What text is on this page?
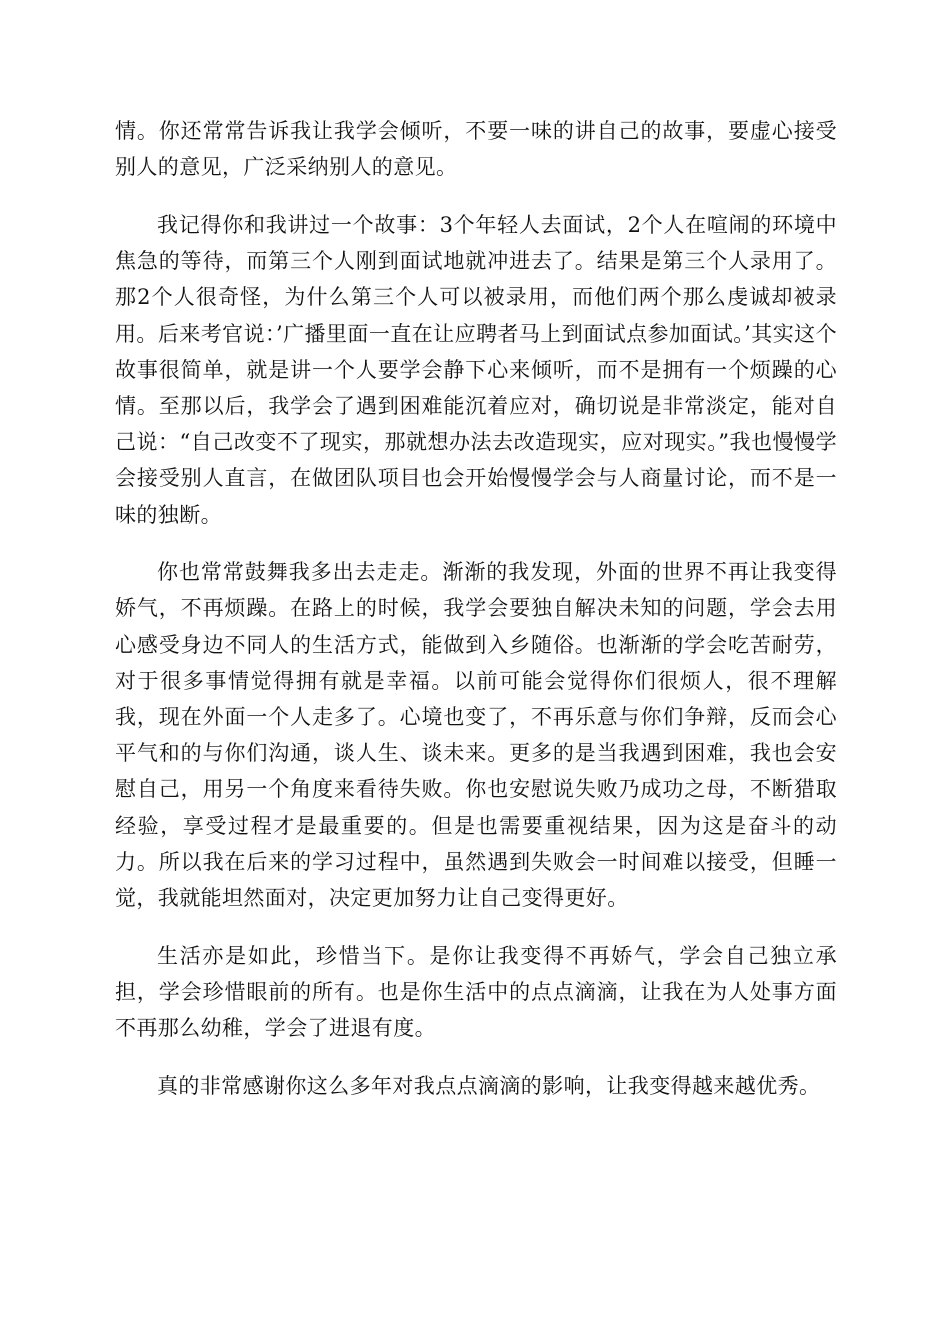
情。你还常常告诉我让我学会倾听，不要一味的讲自己的故事，要虚心接受别人的意见，广泛采纳别人的意见。

我记得你和我讲过一个故事：3个年轻人去面试，2个人在喧闹的环境中焦急的等待，而第三个人刚到面试地就冲进去了。结果是第三个人录用了。那2个人很奇怪，为什么第三个人可以被录用，而他们两个那么虔诚却被录用。后来考官说：’广播里面一直在让应聘者马上到面试点参加面试。’其实这个故事很简单，就是讲一个人要学会静下心来倾听，而不是拥有一个烦躁的心情。至那以后，我学会了遇到困难能沉着应对，确切说是非常淡定，能对自己说：“自己改变不了现实，那就想办法去改造现实，应对现实。”我也慢慢学会接受别人直言，在做团队项目也会开始慢慢学会与人商量讨论，而不是一味的独断。

你也常常鼓舞我多出去走走。渐渐的我发现，外面的世界不再让我变得娇气，不再烦躁。在路上的时候，我学会要独自解决未知的问题，学会去用心感受身边不同人的生活方式，能做到入乡随俗。也渐渐的学会吃苦耐劳，对于很多事情觉得拥有就是幸福。以前可能会觉得你们很烦人，很不理解我，现在外面一个人走多了。心境也变了，不再乐意与你们争辩，反而会心平气和的与你们沟通，谈人生、谈未来。更多的是当我遇到困难，我也会安慰自己，用另一个角度来看待失败。你也安慰说失败乃成功之母，不断猎取经验，享受过程才是最重要的。但是也需要重视结果，因为这是奋斗的动力。所以我在后来的学习过程中，虽然遇到失败会一时间难以接受，但睡一觉，我就能坦然面对，决定更加努力让自己变得更好。

生活亦是如此，珍惜当下。是你让我变得不再娇气，学会自己独立承担，学会珍惜眼前的所有。也是你生活中的点点滴滴，让我在为人处事方面不再那么幼稚，学会了进退有度。

真的非常感谢你这么多年对我点点滴滴的影响，让我变得越来越优秀。
